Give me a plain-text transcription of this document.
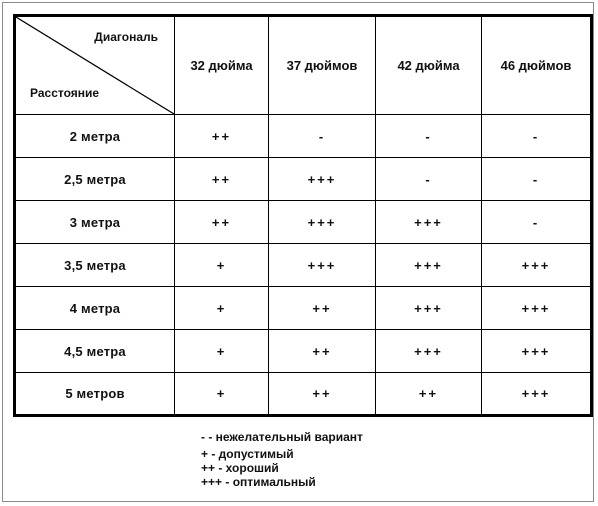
Диагональ
Расстояние	32 дюйма	37 дюймов	42 дюйма	46 дюймов
2 метра	++	-	-	-
2,5 метра	++	+++	-	-
3 метра	++	+++	+++	-
3,5 метра	+	+++	+++	+++
4 метра	+	++	+++	+++
4,5 метра	+	++	+++	+++
5 метров	+	++	++	+++
- - нежелательный вариант
+ - допустимый
++ - хороший
+++ - оптимальный
